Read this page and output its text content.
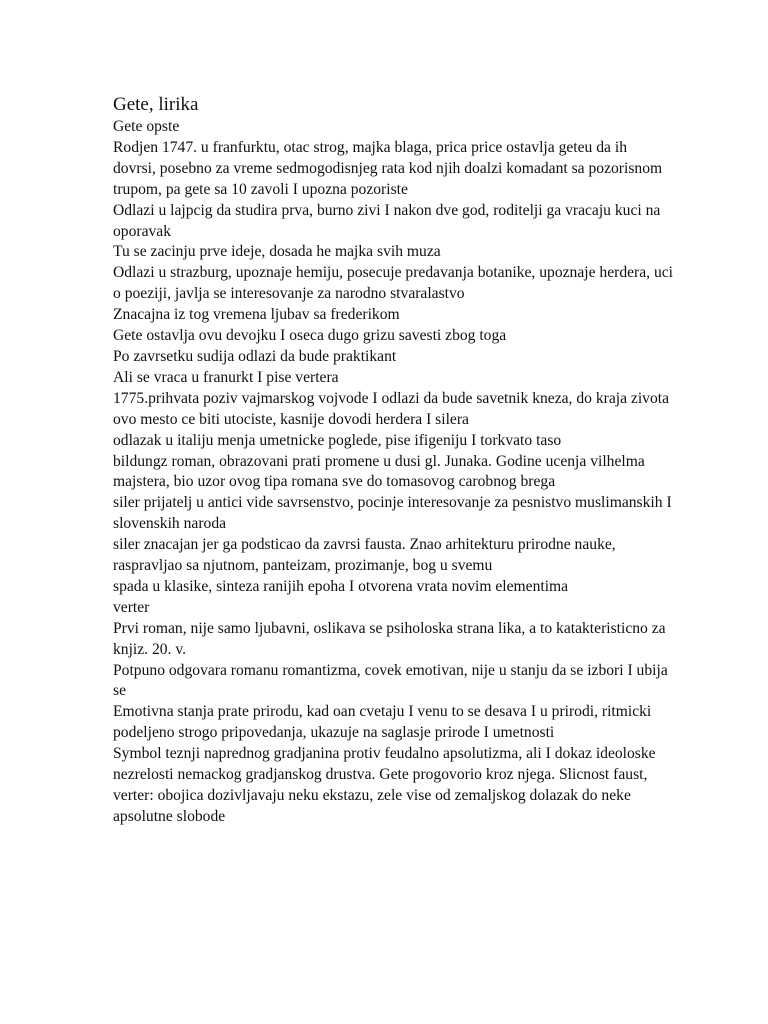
Gete, lirika

Gete opste

Rodjen 1747. u franfurktu, otac strog, majka blaga, prica price ostavlja geteu da ih dovrsi, posebno za vreme sedmogodisnjeg rata kod njih doalzi komadant sa pozorisnom trupom, pa gete sa 10 zavoli I upozna pozoriste

Odlazi u lajpcig da studira prva, burno zivi I nakon dve god, roditelji ga vracaju kuci na oporavak

Tu se zacinju prve ideje, dosada he majka svih muza

Odlazi u strazburg, upoznaje hemiju, posecuje predavanja botanike, upoznaje herdera, uci o poeziji, javlja se interesovanje za narodno stvaralastvo

Znacajna iz tog vremena ljubav sa frederikom

Gete ostavlja ovu devojku I oseca dugo grizu savesti zbog toga

Po zavrsetku sudija odlazi da bude praktikant

Ali se vraca u franurkt I pise vertera

1775.prihvata poziv vajmarskog vojvode I odlazi da bude savetnik kneza, do kraja zivota ovo mesto ce biti utociste, kasnije dovodi herdera I silera

odlazak u italiju menja umetnicke poglede, pise ifigeniju I torkvato taso

bildungz roman, obrazovani prati promene u dusi gl. Junaka. Godine ucenja vilhelma majstera, bio uzor ovog tipa romana sve do tomasovog carobnog brega

siler prijatelj u antici vide savrsenstvo, pocinje interesovanje za pesnistvo muslimanskih I slovenskih naroda

siler znacajan jer ga podsticao da zavrsi fausta. Znao arhitekturu prirodne nauke, raspravljao sa njutnom, panteizam, prozimanje, bog u svemu

spada u klasike, sinteza ranijih epoha I otvorena vrata novim elementima

verter

Prvi roman, nije samo ljubavni, oslikava se psiholoska strana lika, a to katakteristicno za knjiz. 20. v.

Potpuno odgovara romanu romantizma, covek emotivan, nije u stanju da se izbori I ubija se

Emotivna stanja prate prirodu, kad oan cvetaju I venu to se desava I u prirodi, ritmicki podeljeno strogo pripovedanja, ukazuje na saglasje prirode I umetnosti

Symbol teznji naprednog gradjanina protiv feudalno apsolutizma, ali I dokaz ideoloske nezrelosti nemackog gradjanskog drustva. Gete progovorio kroz njega. Slicnost faust, verter: obojica dozivljavaju neku ekstazu, zele vise od zemaljskog dolazak do neke apsolutne slobode
